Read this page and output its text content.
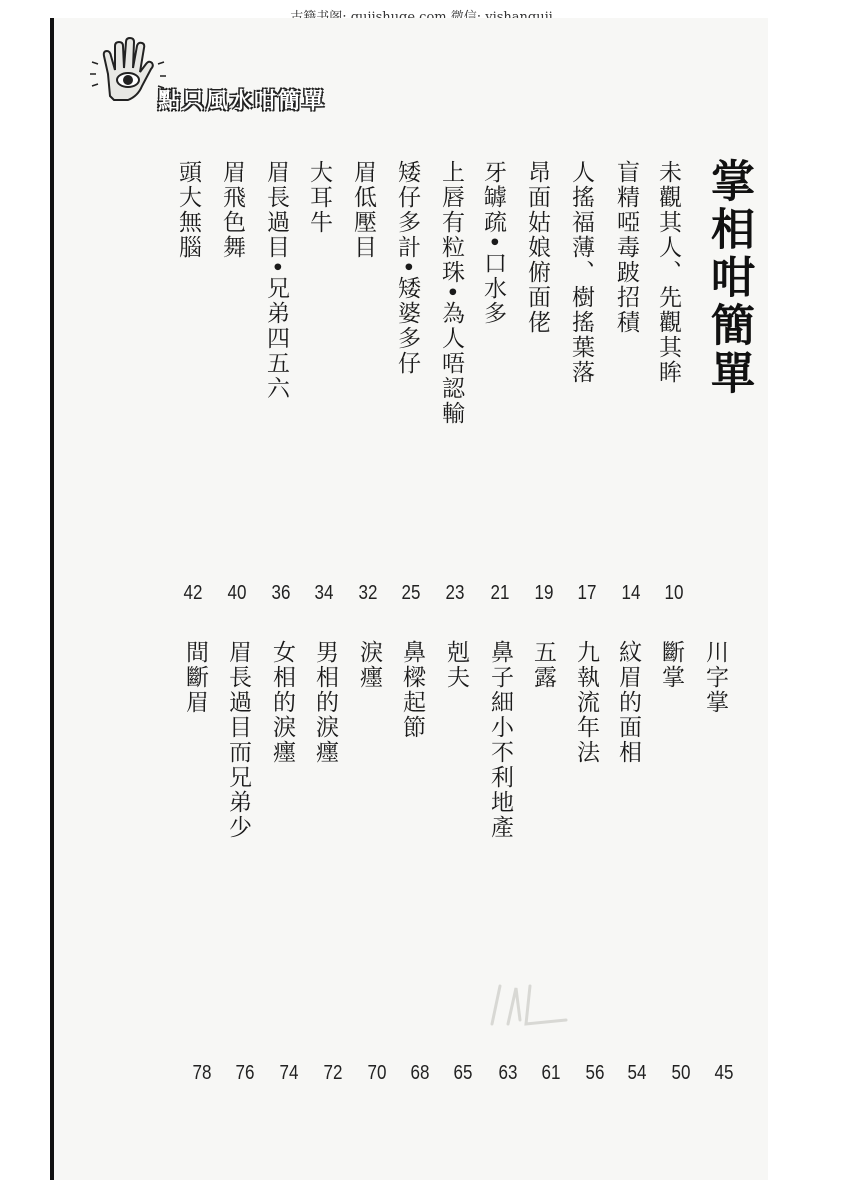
點只風水咁簡單
掌相咁簡單
未觀其人、先觀其眸
盲精啞毒跛招積
人搖福薄、樹搖葉落
昂面姑娘俯面佬
牙罅疏•口水多
上唇有粒珠•為人唔認輸
矮仔多計•矮婆多仔
眉低壓目
大耳牛
眉長過目•兄弟四五六
眉飛色舞
頭大無腦
10
14
17
19
21
23
25
32
34
36
40
42
川字掌
斷掌
紋眉的面相
九執流年法
五露
鼻子細小不利地產
剋夫
鼻樑起節
淚癦
男相的淚癦
女相的淚癦
眉長過目而兄弟少
間斷眉
45
50
54
56
61
63
65
68
70
72
74
76
78
